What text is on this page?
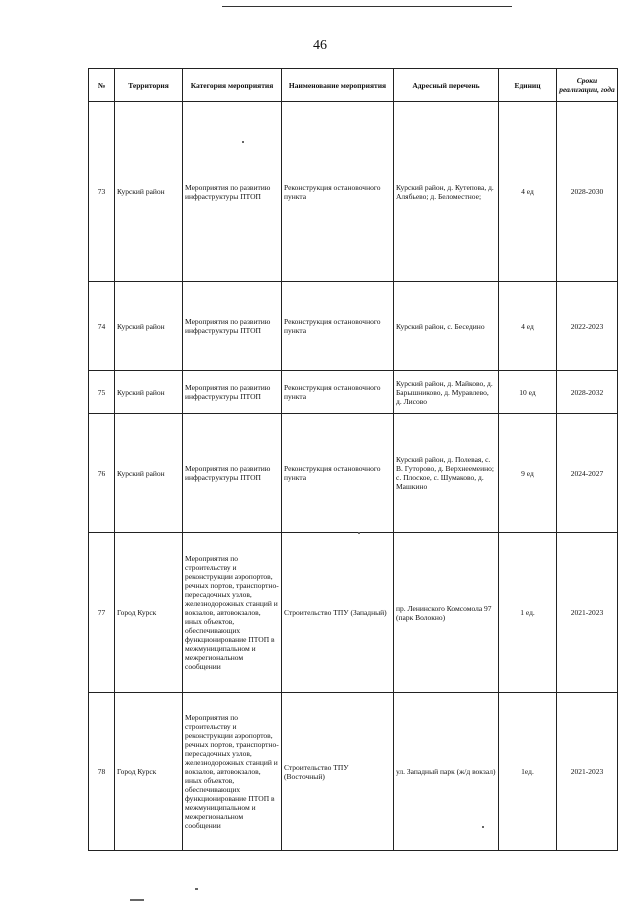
46
№	Территория	Категория мероприятия	Наименование мероприятия	Адресный перечень	Единиц	Сроки реализации, года
73	Курский район	Мероприятия по развитию инфраструктуры ПТОП	Реконструкция остановочного пункта	Курский район, д. Кутепова, д. Алябьево; д. Беломестное;	4 ед	2028-2030
74	Курский район	Мероприятия по развитию инфраструктуры ПТОП	Реконструкция остановочного пункта	Курский район, с. Беседино	4 ед	2022-2023
75	Курский район	Мероприятия по развитию инфраструктуры ПТОП	Реконструкция остановочного пункта	Курский район, д. Майково, д. Барышниково, д. Муравлево, д. Лисово	10 ед	2028-2032
76	Курский район	Мероприятия по развитию инфраструктуры ПТОП	Реконструкция остановочного пункта	Курский район, д. Полевая, с. В. Гуторово, д. Верхнеемеино; с. Плоское, с. Шумаково, д. Машкино	9 ед	2024-2027
77	Город Курск	Мероприятия по строительству и реконструкции аэропортов, речных портов, транспортно-пересадочных узлов, железнодорожных станций и вокзалов, автовокзалов, иных объектов, обеспечивающих функционирование ПТОП в межмуниципальном и межрегиональном сообщении	Строительство ТПУ (Западный)	пр. Ленинского Комсомола 97 (парк Волокно)	1 ед.	2021-2023
78	Город Курск	Мероприятия по строительству и реконструкции аэропортов, речных портов, транспортно-пересадочных узлов, железнодорожных станций и вокзалов, автовокзалов, иных объектов, обеспечивающих функционирование ПТОП в межмуниципальном и межрегиональном сообщении	Строительство ТПУ (Восточный)	ул. Западный парк (ж/д вокзал)	1ед.	2021-2023
